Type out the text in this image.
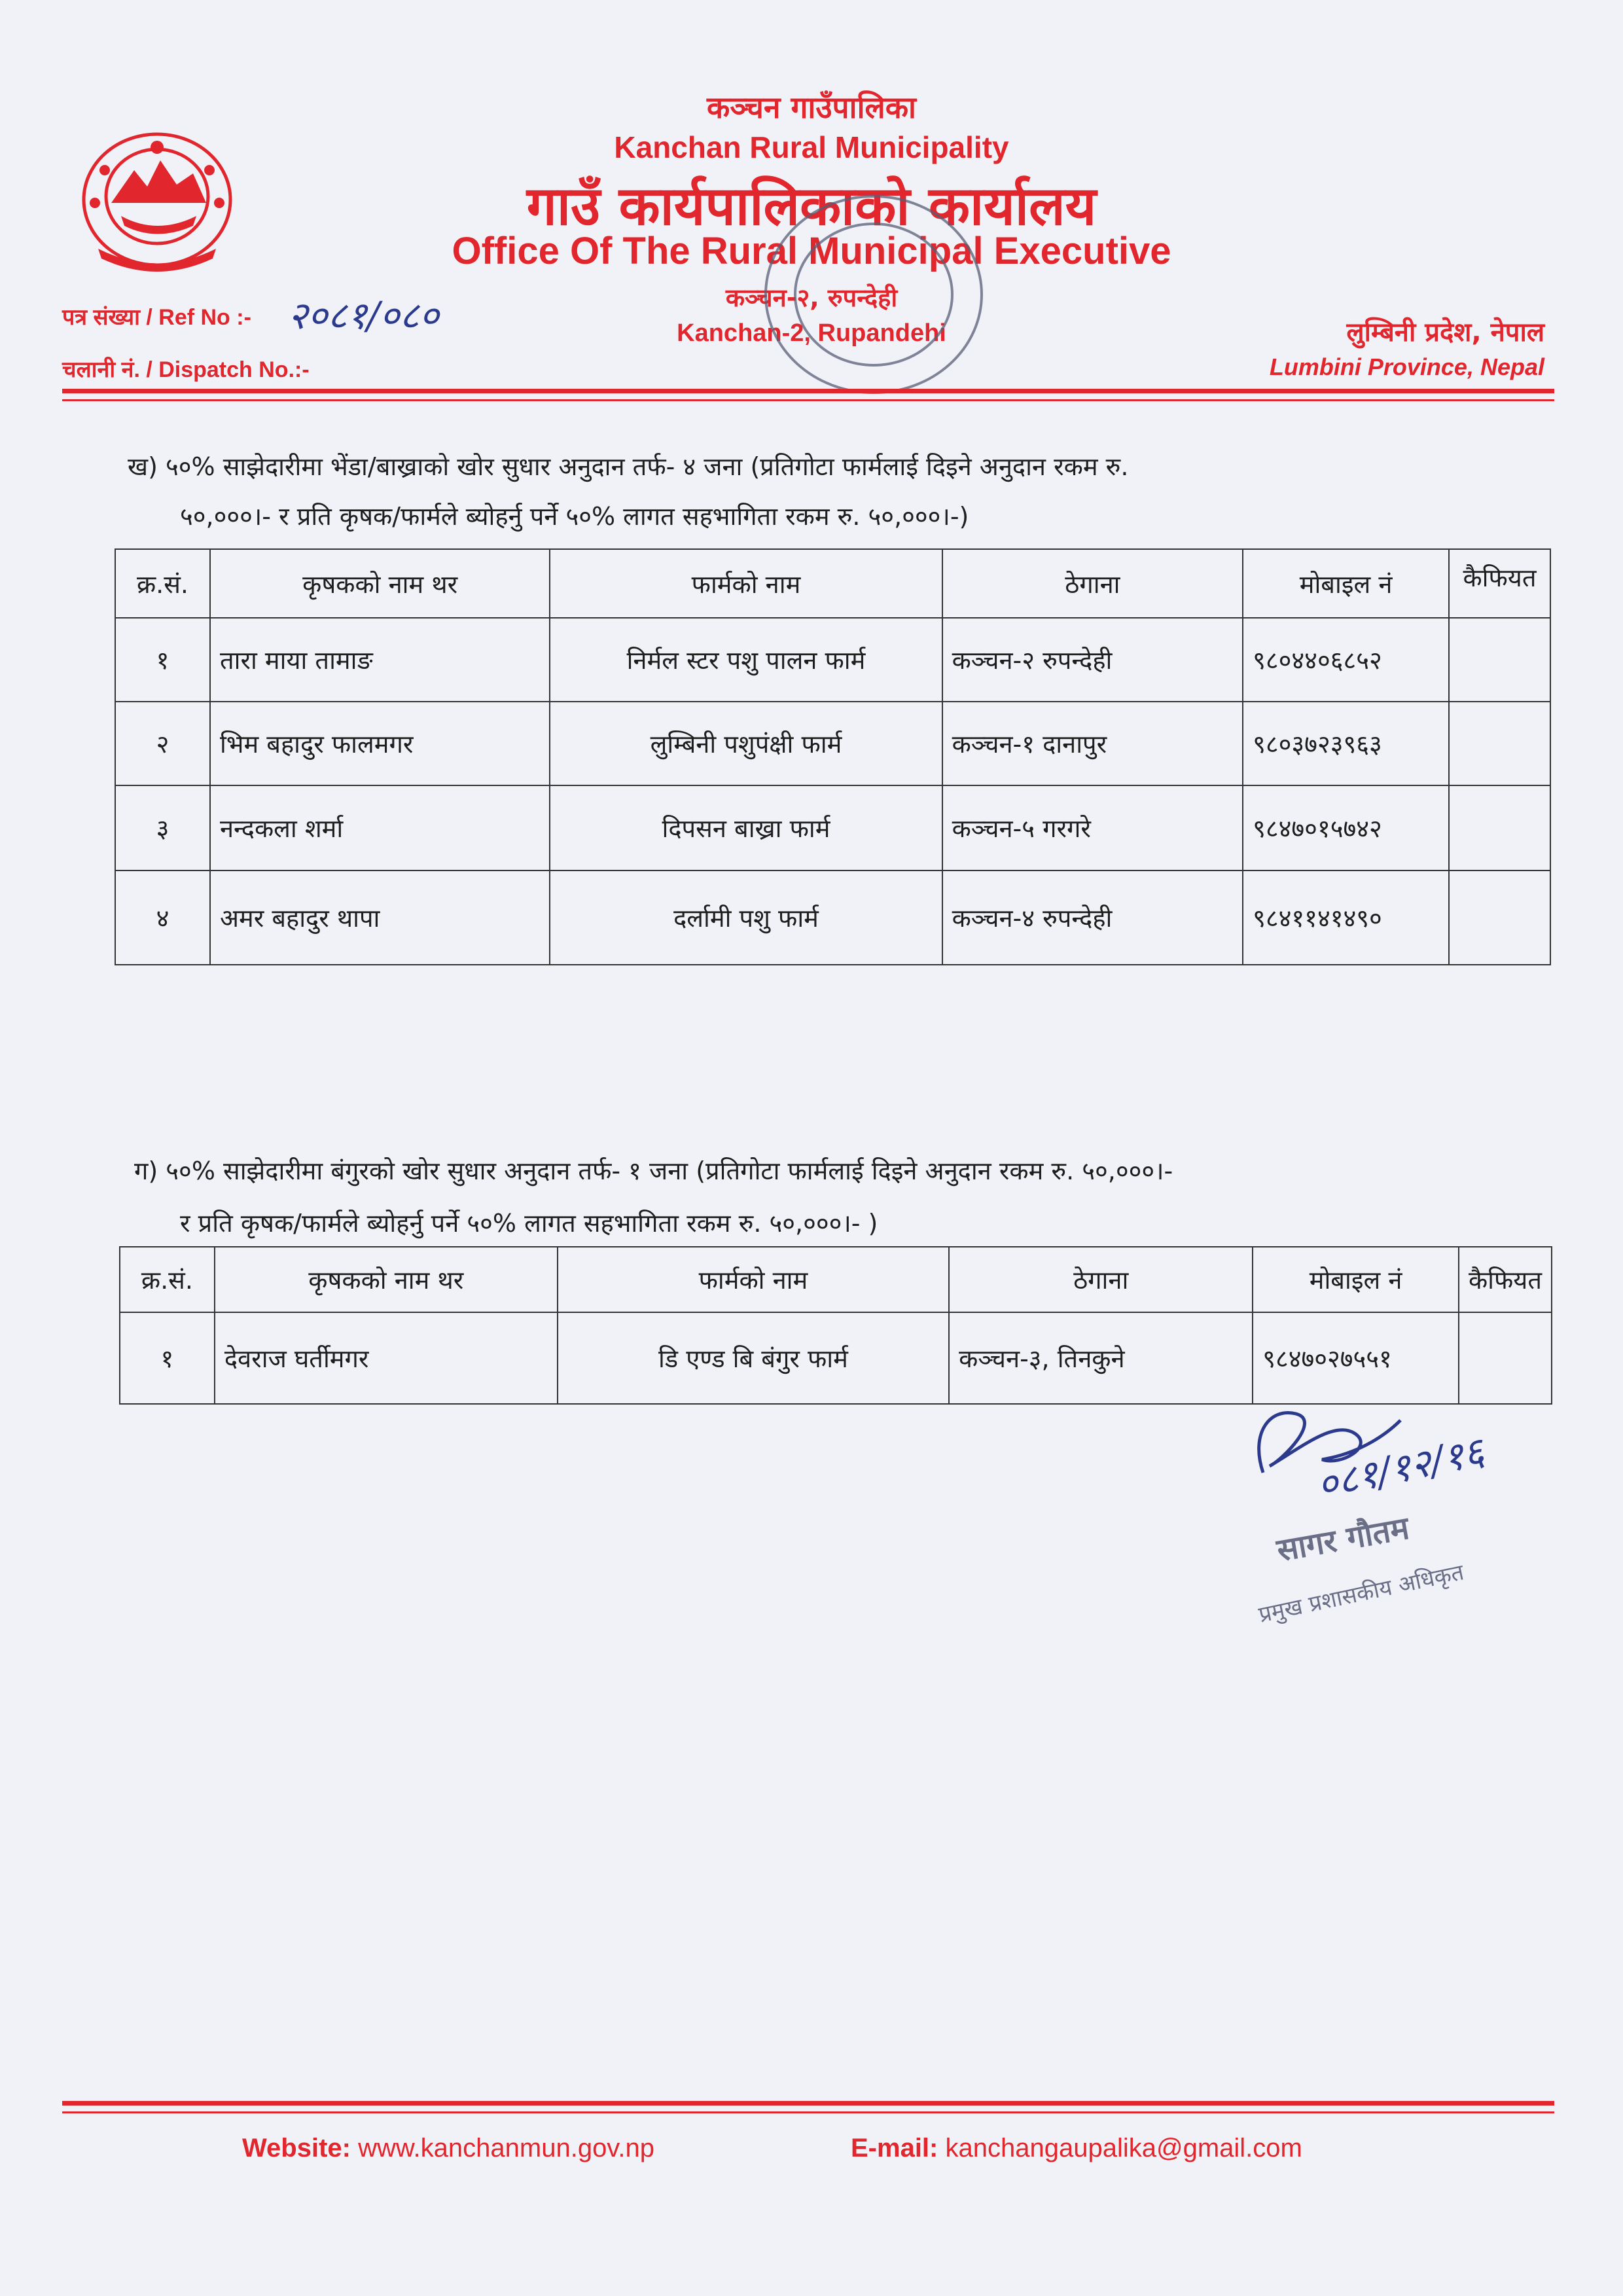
कञ्चन गाउँपालिका
Kanchan Rural Municipality
गाउँ कार्यपालिकाको कार्यालय
Office Of The Rural Municipal Executive
कञ्चन-२, रुपन्देही
Kanchan-2, Rupandehi
पत्र संख्या / Ref No :- २०८१/०८०
चलानी नं. / Dispatch No.:-
लुम्बिनी प्रदेश, नेपाल
Lumbini Province, Nepal
ख) ५०% साझेदारीमा भेंडा/बाख्राको खोर सुधार अनुदान तर्फ- ४ जना (प्रतिगोटा फार्मलाई दिइने अनुदान रकम रु.
५०,०००।- र प्रति कृषक/फार्मले ब्योहर्नु पर्ने ५०% लागत सहभागिता रकम रु. ५०,०००।-)
क्र.सं.	कृषकको नाम थर	फार्मको नाम	ठेगाना	मोबाइल नं	कैफियत
१	तारा माया तामाङ	निर्मल स्टर पशु पालन फार्म	कञ्चन-२ रुपन्देही	९८०४४०६८५२	
२	भिम बहादुर फालमगर	लुम्बिनी पशुपंक्षी फार्म	कञ्चन-१ दानापुर	९८०३७२३९६३	
३	नन्दकला शर्मा	दिपसन बाख्रा फार्म	कञ्चन-५ गरगरे	९८४७०१५७४२	
४	अमर बहादुर थापा	दर्लामी पशु फार्म	कञ्चन-४ रुपन्देही	९८४११४१४९०	
ग) ५०% साझेदारीमा बंगुरको खोर सुधार अनुदान तर्फ- १ जना (प्रतिगोटा फार्मलाई दिइने अनुदान रकम रु. ५०,०००।-
र प्रति कृषक/फार्मले ब्योहर्नु पर्ने ५०% लागत सहभागिता रकम रु. ५०,०००।- )
क्र.सं.	कृषकको नाम थर	फार्मको नाम	ठेगाना	मोबाइल नं	कैफियत
१	देवराज घर्तीमगर	डि एण्ड बि बंगुर फार्म	कञ्चन-३, तिनकुने	९८४७०२७५५१	
०८१/१२/१६
सागर गौतम
प्रमुख प्रशासकीय अधिकृत
Website: www.kanchanmun.gov.np	E-mail: kanchangaupalika@gmail.com
